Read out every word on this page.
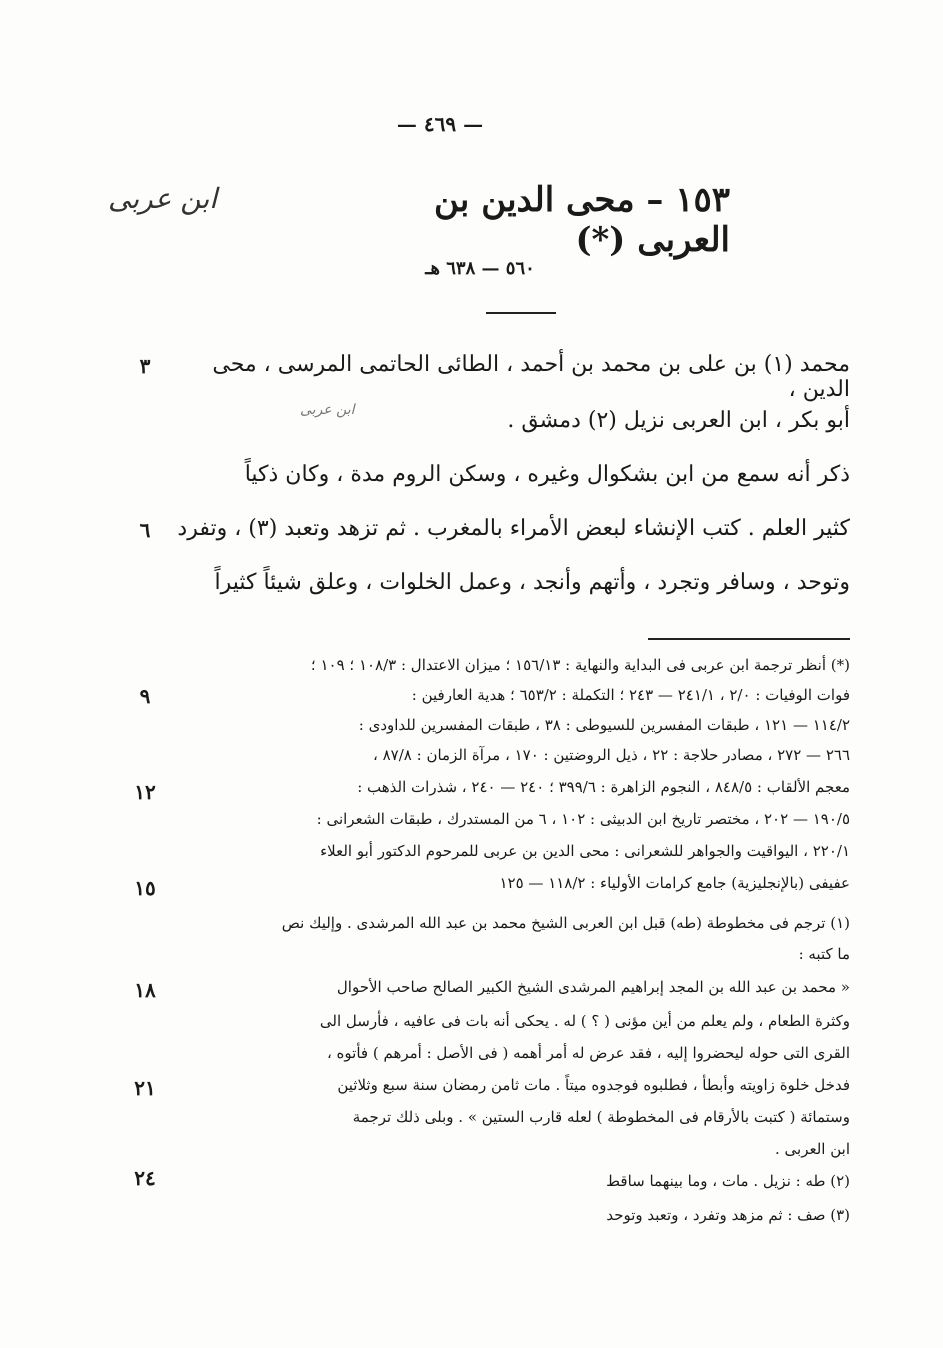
— ٤٦٩ —
ابن عربى	١٥٣ – محى الدين بن العربى (*)
٥٦٠ — ٦٣٨ هـ
محمد (١) بن على بن محمد بن أحمد ، الطائى الحاتمى المرسى ، محى الدين ،
أبو بكر ، ابن العربى نزيل (٢) دمشق .
ابن عربى
ذكر أنه سمع من ابن بشكوال وغيره ، وسكن الروم مدة ، وكان ذكياً
كثير العلم . كتب الإنشاء لبعض الأمراء بالمغرب . ثم تزهد وتعبد (٣) ، وتفرد
وتوحد ، وسافر وتجرد ، وأتهم وأنجد ، وعمل الخلوات ، وعلق شيئاً كثيراً
(*) أنظر ترجمة ابن عربى فى البداية والنهاية : ١٥٦/١٣ ؛ ميزان الاعتدال : ١٠٨/٣ ؛ ١٠٩ ؛
فوات الوفيات : ٢/٠ ، ٢٤١/١ — ٢٤٣ ؛ التكملة : ٦٥٣/٢ ؛ هدية العارفين :
١١٤/٢ — ١٢١ ، طبقات المفسرين للسيوطى : ٣٨ ، طبقات المفسرين للداودى :
٢٦٦ — ٢٧٢ ، مصادر حلاجة : ٢٢ ، ذيل الروضتين : ١٧٠ ، مرآة الزمان : ٨٧/٨ ،
معجم الألقاب : ٨٤٨/٥ ، النجوم الزاهرة : ٣٩٩/٦ ؛ ٢٤٠ — ٢٤٠ ، شذرات الذهب :
١٩٠/٥ — ٢٠٢ ، مختصر تاريخ ابن الدبيثى : ١٠٢ ، ٦ من المستدرك ، طبقات الشعرانى :
٢٢٠/١ ، اليواقيت والجواهر للشعرانى : محى الدين بن عربى للمرحوم الدكتور أبو العلاء
عفيفى (بالإنجليزية) جامع كرامات الأولياء : ١١٨/٢ — ١٢٥
(١) ترجم فى مخطوطة (طه) قبل ابن العربى الشيخ محمد بن عبد الله المرشدى . وإليك نص
ما كتبه :
« محمد بن عبد الله بن المجد إبراهيم المرشدى الشيخ الكبير الصالح صاحب الأحوال
وكثرة الطعام ، ولم يعلم من أين مؤنى ( ؟ ) له . يحكى أنه بات فى عافيه ، فأرسل الى
القرى التى حوله ليحضروا إليه ، فقد عرض له أمر أهمه ( فى الأصل : أمرهم ) فأتوه ،
فدخل خلوة زاويته وأبطأ ، فطلبوه فوجدوه ميتاً . مات ثامن رمضان سنة سبع وثلاثين
وستمائة ( كتبت بالأرقام فى المخطوطة ) لعله قارب الستين » . وبلى ذلك ترجمة
ابن العربى .
(٢) طه : نزيل . مات ، وما بينهما ساقط
(٣) صف : ثم مزهد وتفرد ، وتعبد وتوحد
٣
٦
٩
١٢
١٥
١٨
٢١
٢٤
